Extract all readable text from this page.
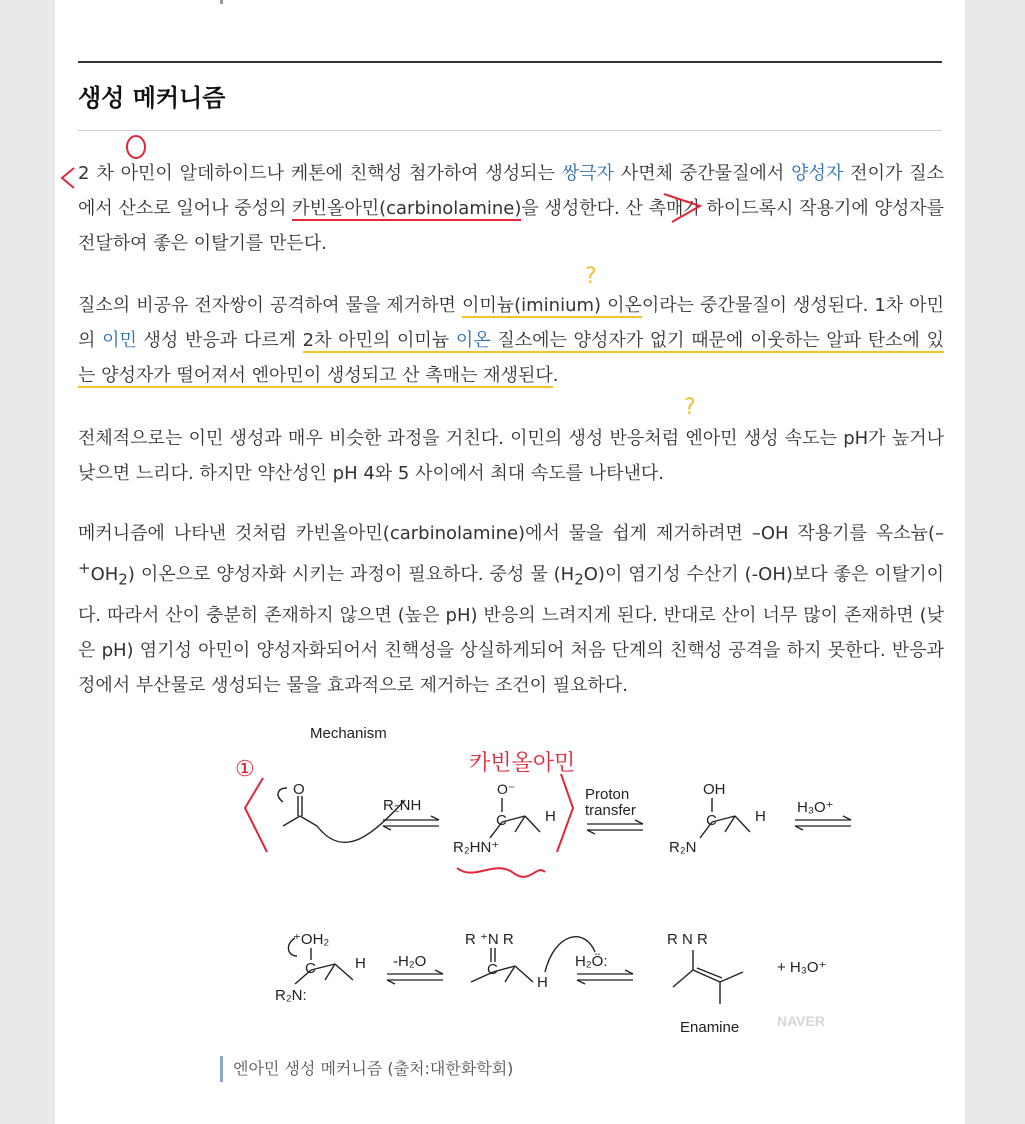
생성 메커니즘

2 차 아민이 알데하이드나 케톤에 친핵성 첨가하여 생성되는 쌍극자 사면체 중간물질에서 양성자 전이가 질소에서 산소로 일어나 중성의 카빈올아민(carbinolamine)을 생성한다. 산 촉매가 하이드록시 작용기에 양성자를 전달하여 좋은 이탈기를 만든다.

질소의 비공유 전자쌍이 공격하여 물을 제거하면 이미늄(iminium) 이온이라는 중간물질이 생성된다. 1차 아민의 이민 생성 반응과 다르게 2차 아민의 이미늄 이온 질소에는 양성자가 없기 때문에 이웃하는 알파 탄소에 있는 양성자가 떨어져서 엔아민이 생성되고 산 촉매는 재생된다.

전체적으로는 이민 생성과 매우 비슷한 과정을 거친다. 이민의 생성 반응처럼 엔아민 생성 속도는 pH가 높거나 낮으면 느리다. 하지만 약산성인 pH 4와 5 사이에서 최대 속도를 나타낸다.

메커니즘에 나타낸 것처럼 카빈올아민(carbinolamine)에서 물을 쉽게 제거하려면 –OH 작용기를 옥소늄$(-^+OH_2)$ 이온으로 양성자화 시키는 과정이 필요하다. 중성 물 $(H_2O)$이 염기성 수산기 (-OH)보다 좋은 이탈기이다. 따라서 산이 충분히 존재하지 않으면 (높은 pH) 반응의 느려지게 된다. 반대로 산이 너무 많이 존재하면 (낮은 pH) 염기성 아민이 양성자화되어서 친핵성을 상실하게되어 처음 단계의 친핵성 공격을 하지 못한다. 반응과정에서 부산물로 생성되는 물을 효과적으로 제거하는 조건이 필요하다.

Mechanism
O
R₂NH
O⁻
C	H
R₂HN⁺
Proton
transfer
OH
C	H
R₂N
H₃O⁺
⁺OH₂
C	H
R₂N:
-H₂O
R ⁺N R
C
H
H₂Ö:
R N R
Enamine
+ H₃O⁺
NAVER
①	카빈올아민
엔아민 생성 메커니즘 (출처:대한화학회)
?
?
